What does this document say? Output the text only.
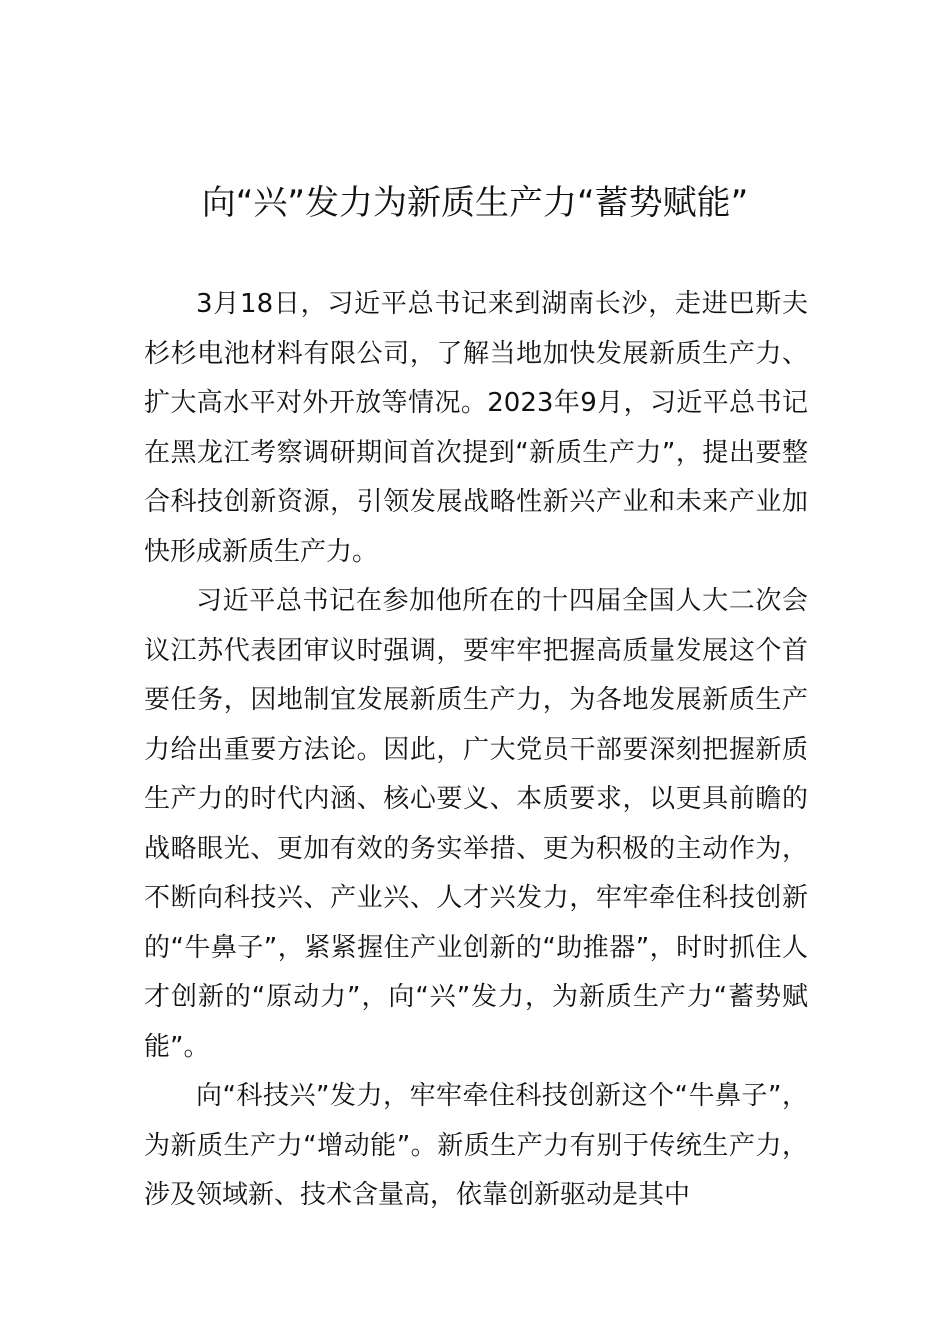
向“兴”发力为新质生产力“蓄势赋能”

3月18日，习近平总书记来到湖南长沙，走进巴斯夫杉杉电池材料有限公司，了解当地加快发展新质生产力、扩大高水平对外开放等情况。2023年9月，习近平总书记在黑龙江考察调研期间首次提到“新质生产力”，提出要整合科技创新资源，引领发展战略性新兴产业和未来产业加快形成新质生产力。

习近平总书记在参加他所在的十四届全国人大二次会议江苏代表团审议时强调，要牢牢把握高质量发展这个首要任务，因地制宜发展新质生产力，为各地发展新质生产力给出重要方法论。因此，广大党员干部要深刻把握新质生产力的时代内涵、核心要义、本质要求，以更具前瞻的战略眼光、更加有效的务实举措、更为积极的主动作为，不断向科技兴、产业兴、人才兴发力，牢牢牵住科技创新的“牛鼻子”，紧紧握住产业创新的“助推器”，时时抓住人才创新的“原动力”，向“兴”发力，为新质生产力“蓄势赋能”。

向“科技兴”发力，牢牢牵住科技创新这个“牛鼻子”，为新质生产力“增动能”。新质生产力有别于传统生产力，涉及领域新、技术含量高，依靠创新驱动是其中
